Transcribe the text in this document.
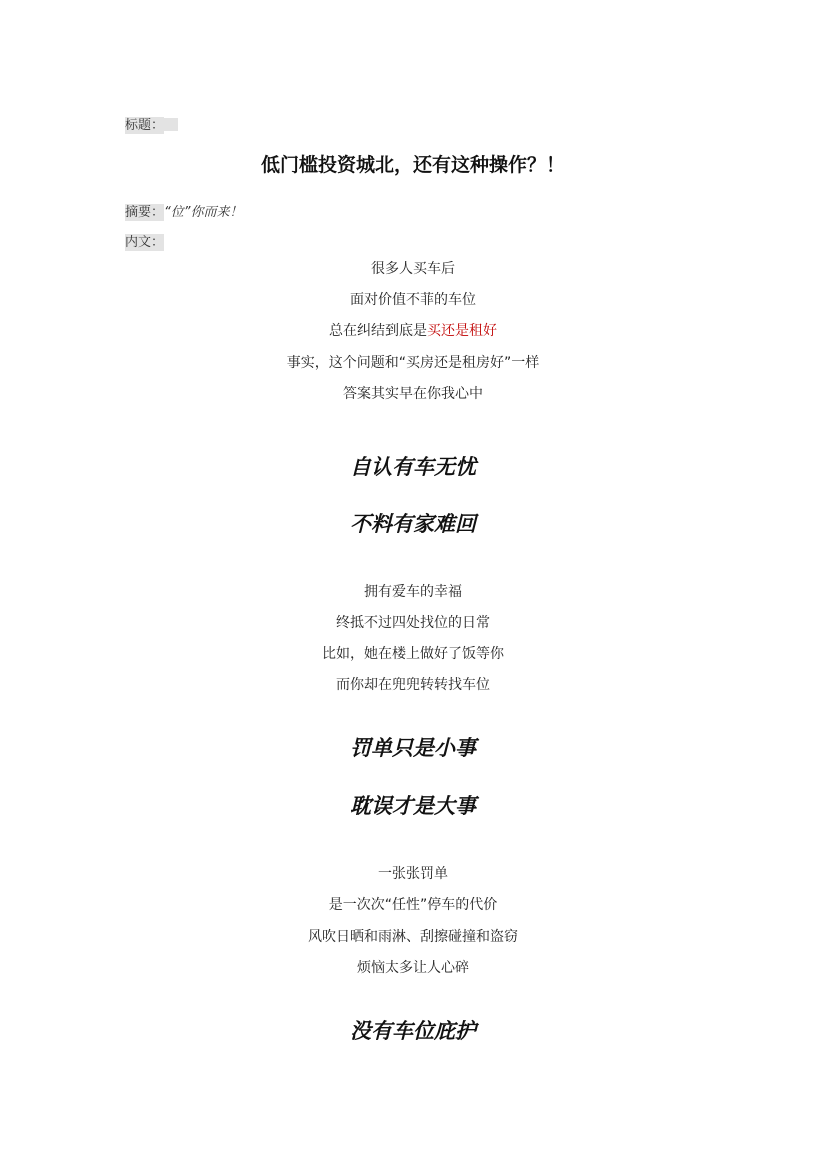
标题：
低门槛投资城北，还有这种操作？！
摘要：“位”你而来！
内文：
很多人买车后
面对价值不菲的车位
总在纠结到底是买还是租好
事实，这个问题和“买房还是租房好”一样
答案其实早在你我心中
自认有车无忧
不料有家难回
拥有爱车的幸福
终抵不过四处找位的日常
比如，她在楼上做好了饭等你
而你却在兜兜转转找车位
罚单只是小事
耽误才是大事
一张张罚单
是一次次“任性”停车的代价
风吹日晒和雨淋、刮擦碰撞和盗窃
烦恼太多让人心碎
没有车位庇护
